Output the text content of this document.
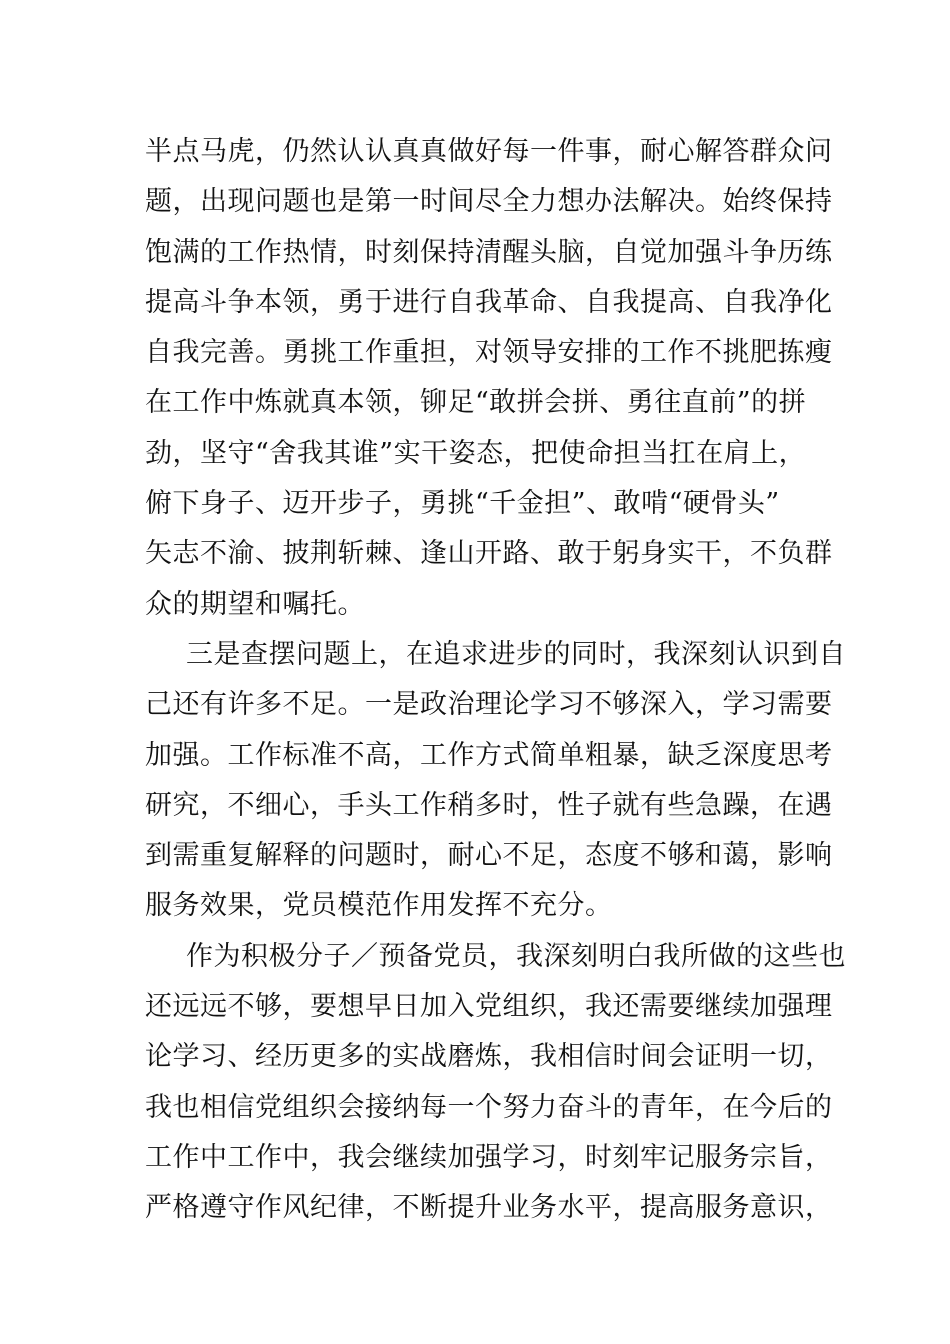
半点马虎，仍然认认真真做好每一件事，耐心解答群众问
题，出现问题也是第一时间尽全力想办法解决。始终保持
饱满的工作热情，时刻保持清醒头脑，自觉加强斗争历练
提高斗争本领，勇于进行自我革命、自我提高、自我净化
自我完善。勇挑工作重担，对领导安排的工作不挑肥拣瘦
在工作中炼就真本领，铆足“敢拼会拼、勇往直前”的拼
劲，坚守“舍我其谁”实干姿态，把使命担当扛在肩上，
俯下身子、迈开步子，勇挑“千金担”、敢啃“硬骨头”
矢志不渝、披荆斩棘、逢山开路、敢于躬身实干，不负群
众的期望和嘱托。
三是查摆问题上，在追求进步的同时，我深刻认识到自
己还有许多不足。一是政治理论学习不够深入，学习需要
加强。工作标准不高，工作方式简单粗暴，缺乏深度思考
研究，不细心，手头工作稍多时，性子就有些急躁，在遇
到需重复解释的问题时，耐心不足，态度不够和蔼，影响
服务效果，党员模范作用发挥不充分。
作为积极分子／预备党员，我深刻明白我所做的这些也
还远远不够，要想早日加入党组织，我还需要继续加强理
论学习、经历更多的实战磨炼，我相信时间会证明一切，
我也相信党组织会接纳每一个努力奋斗的青年，在今后的
工作中工作中，我会继续加强学习，时刻牢记服务宗旨，
严格遵守作风纪律，不断提升业务水平，提高服务意识，
